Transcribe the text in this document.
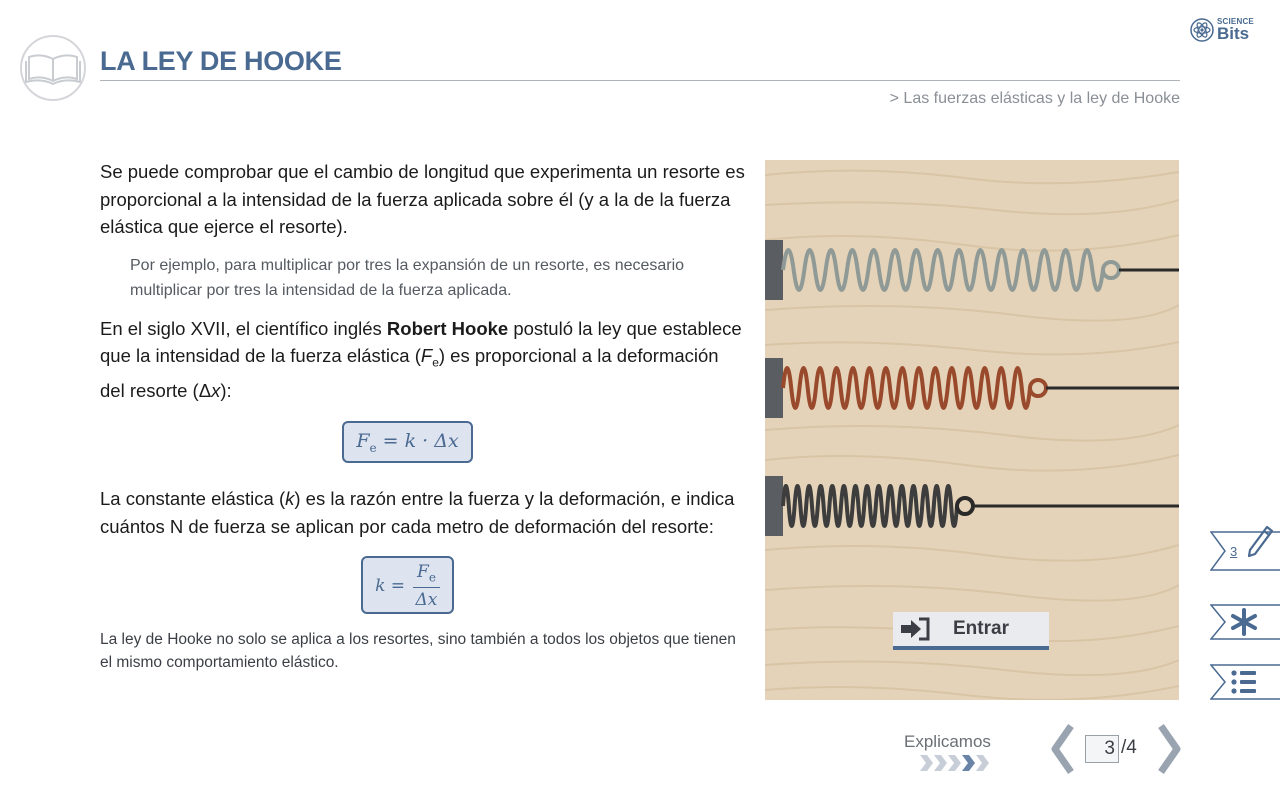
LA LEY DE HOOKE
> Las fuerzas elásticas y la ley de Hooke
SCIENCE
Bits

Se puede comprobar que el cambio de longitud que experimenta un resorte es proporcional a la intensidad de la fuerza aplicada sobre él (y a la de la fuerza elástica que ejerce el resorte).

Por ejemplo, para multiplicar por tres la expansión de un resorte, es necesario multiplicar por tres la intensidad de la fuerza aplicada.

En el siglo XVII, el científico inglés Robert Hooke postuló la ley que establece que la intensidad de la fuerza elástica $(F_e)$ es proporcional a la deformación del resorte (Δx):

$F_e = k \cdot \Delta x$

La constante elástica (k) es la razón entre la fuerza y la deformación, e indica cuántos N de fuerza se aplican por cada metro de deformación del resorte:

$k = \frac{F_e}{\Delta x}$

La ley de Hooke no solo se aplica a los resortes, sino también a todos los objetos que tienen el mismo comportamiento elástico.

Entrar
3
Explicamos	3 /4
